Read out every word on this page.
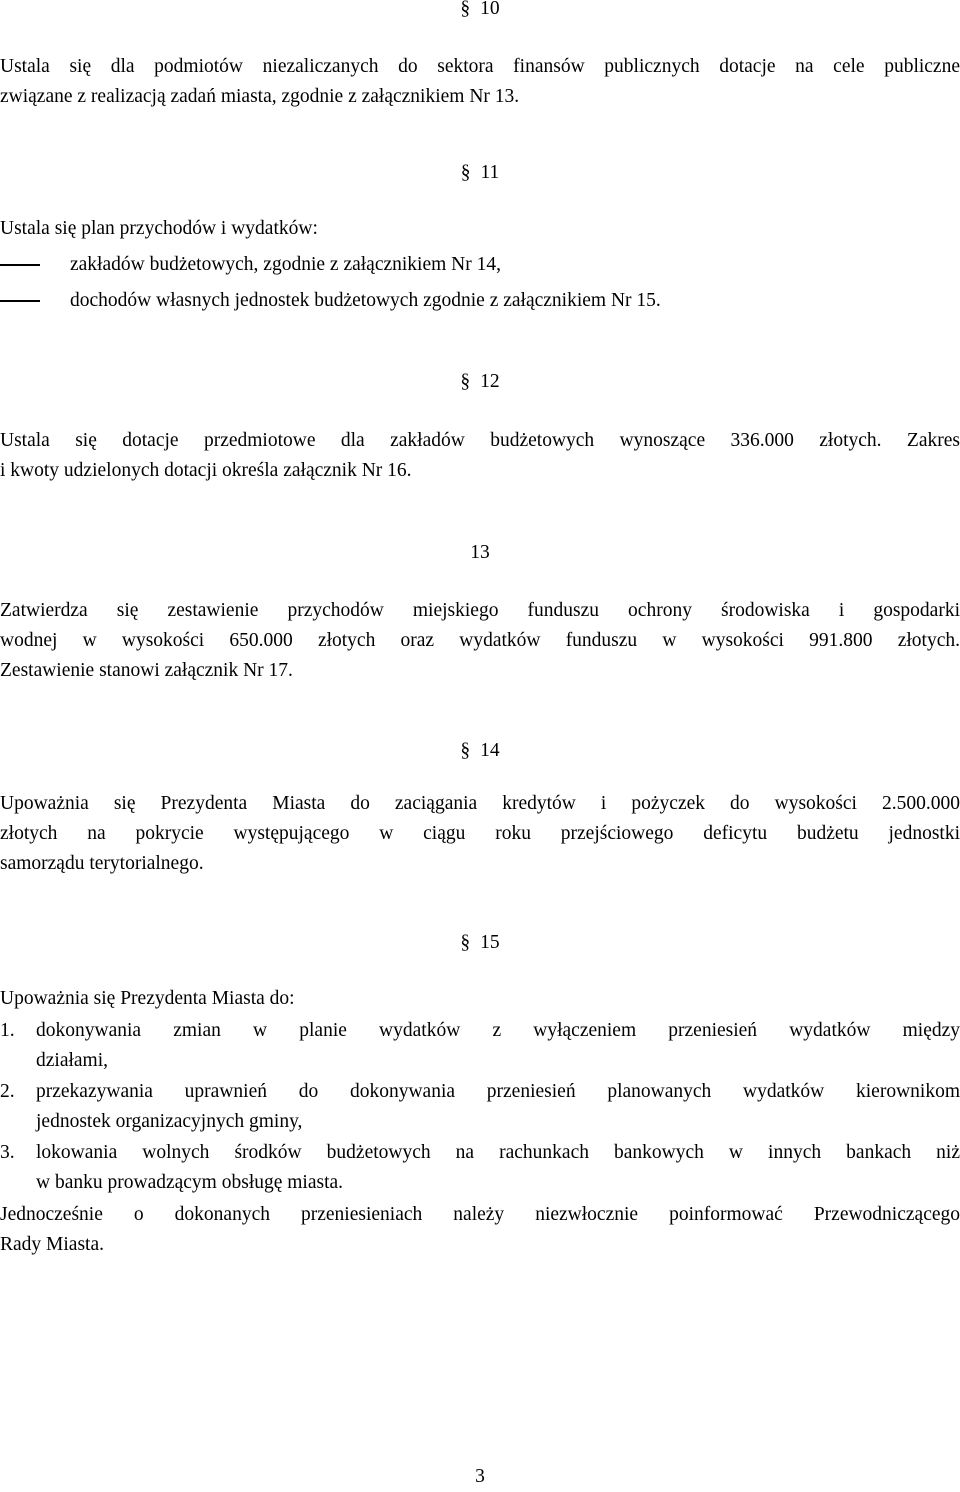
§ 10
Ustala się dla podmiotów niezaliczanych do sektora finansów publicznych dotacje na cele publiczne
związane z realizacją zadań miasta, zgodnie z załącznikiem Nr 13.
§ 11
Ustala się plan przychodów i wydatków:
zakładów budżetowych, zgodnie z załącznikiem Nr 14,
dochodów własnych jednostek budżetowych zgodnie z załącznikiem Nr 15.
§ 12
Ustala się dotacje przedmiotowe dla zakładów budżetowych wynoszące 336.000 złotych. Zakres
i kwoty udzielonych dotacji określa załącznik Nr 16.
13
Zatwierdza się zestawienie przychodów miejskiego funduszu ochrony środowiska i gospodarki
wodnej w wysokości 650.000 złotych oraz wydatków funduszu w wysokości 991.800 złotych.
Zestawienie stanowi załącznik Nr 17.
§ 14
Upoważnia się Prezydenta Miasta do zaciągania kredytów i pożyczek do wysokości 2.500.000
złotych na pokrycie występującego w ciągu roku przejściowego deficytu budżetu jednostki
samorządu terytorialnego.
§ 15
Upoważnia się Prezydenta Miasta do:
1. dokonywania zmian w planie wydatków z wyłączeniem przeniesień wydatków między
działami,
2. przekazywania uprawnień do dokonywania przeniesień planowanych wydatków kierownikom
jednostek organizacyjnych gminy,
3. lokowania wolnych środków budżetowych na rachunkach bankowych w innych bankach niż
w banku prowadzącym obsługę miasta.
Jednocześnie o dokonanych przeniesieniach należy niezwłocznie poinformować Przewodniczącego
Rady Miasta.
3
